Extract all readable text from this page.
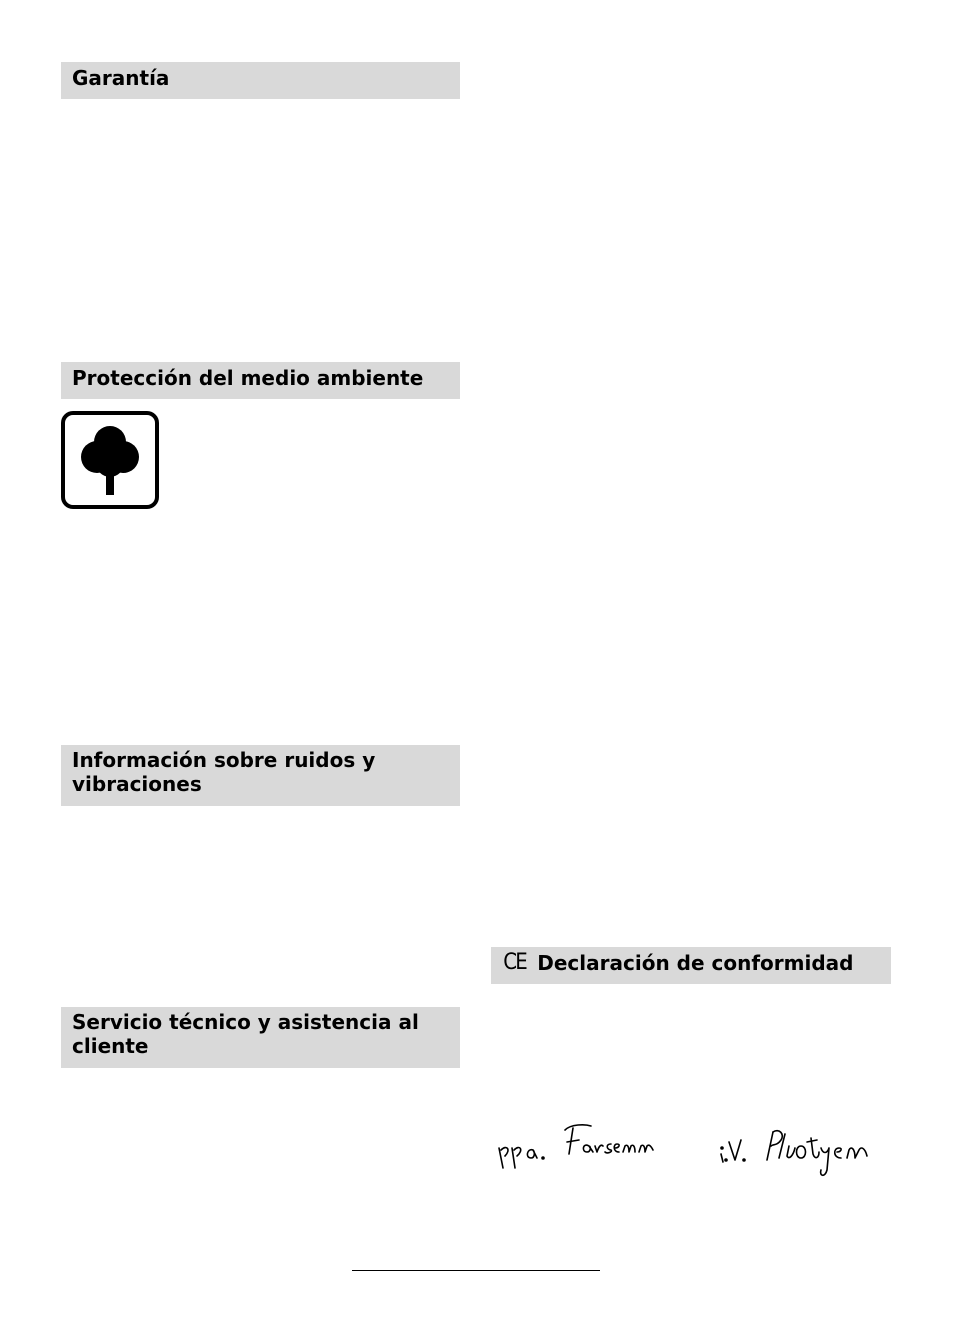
Garantía
Protección del medio ambiente
Información sobre ruidos y vibraciones
CE Declaración de conformidad
Servicio técnico y asistencia al cliente
